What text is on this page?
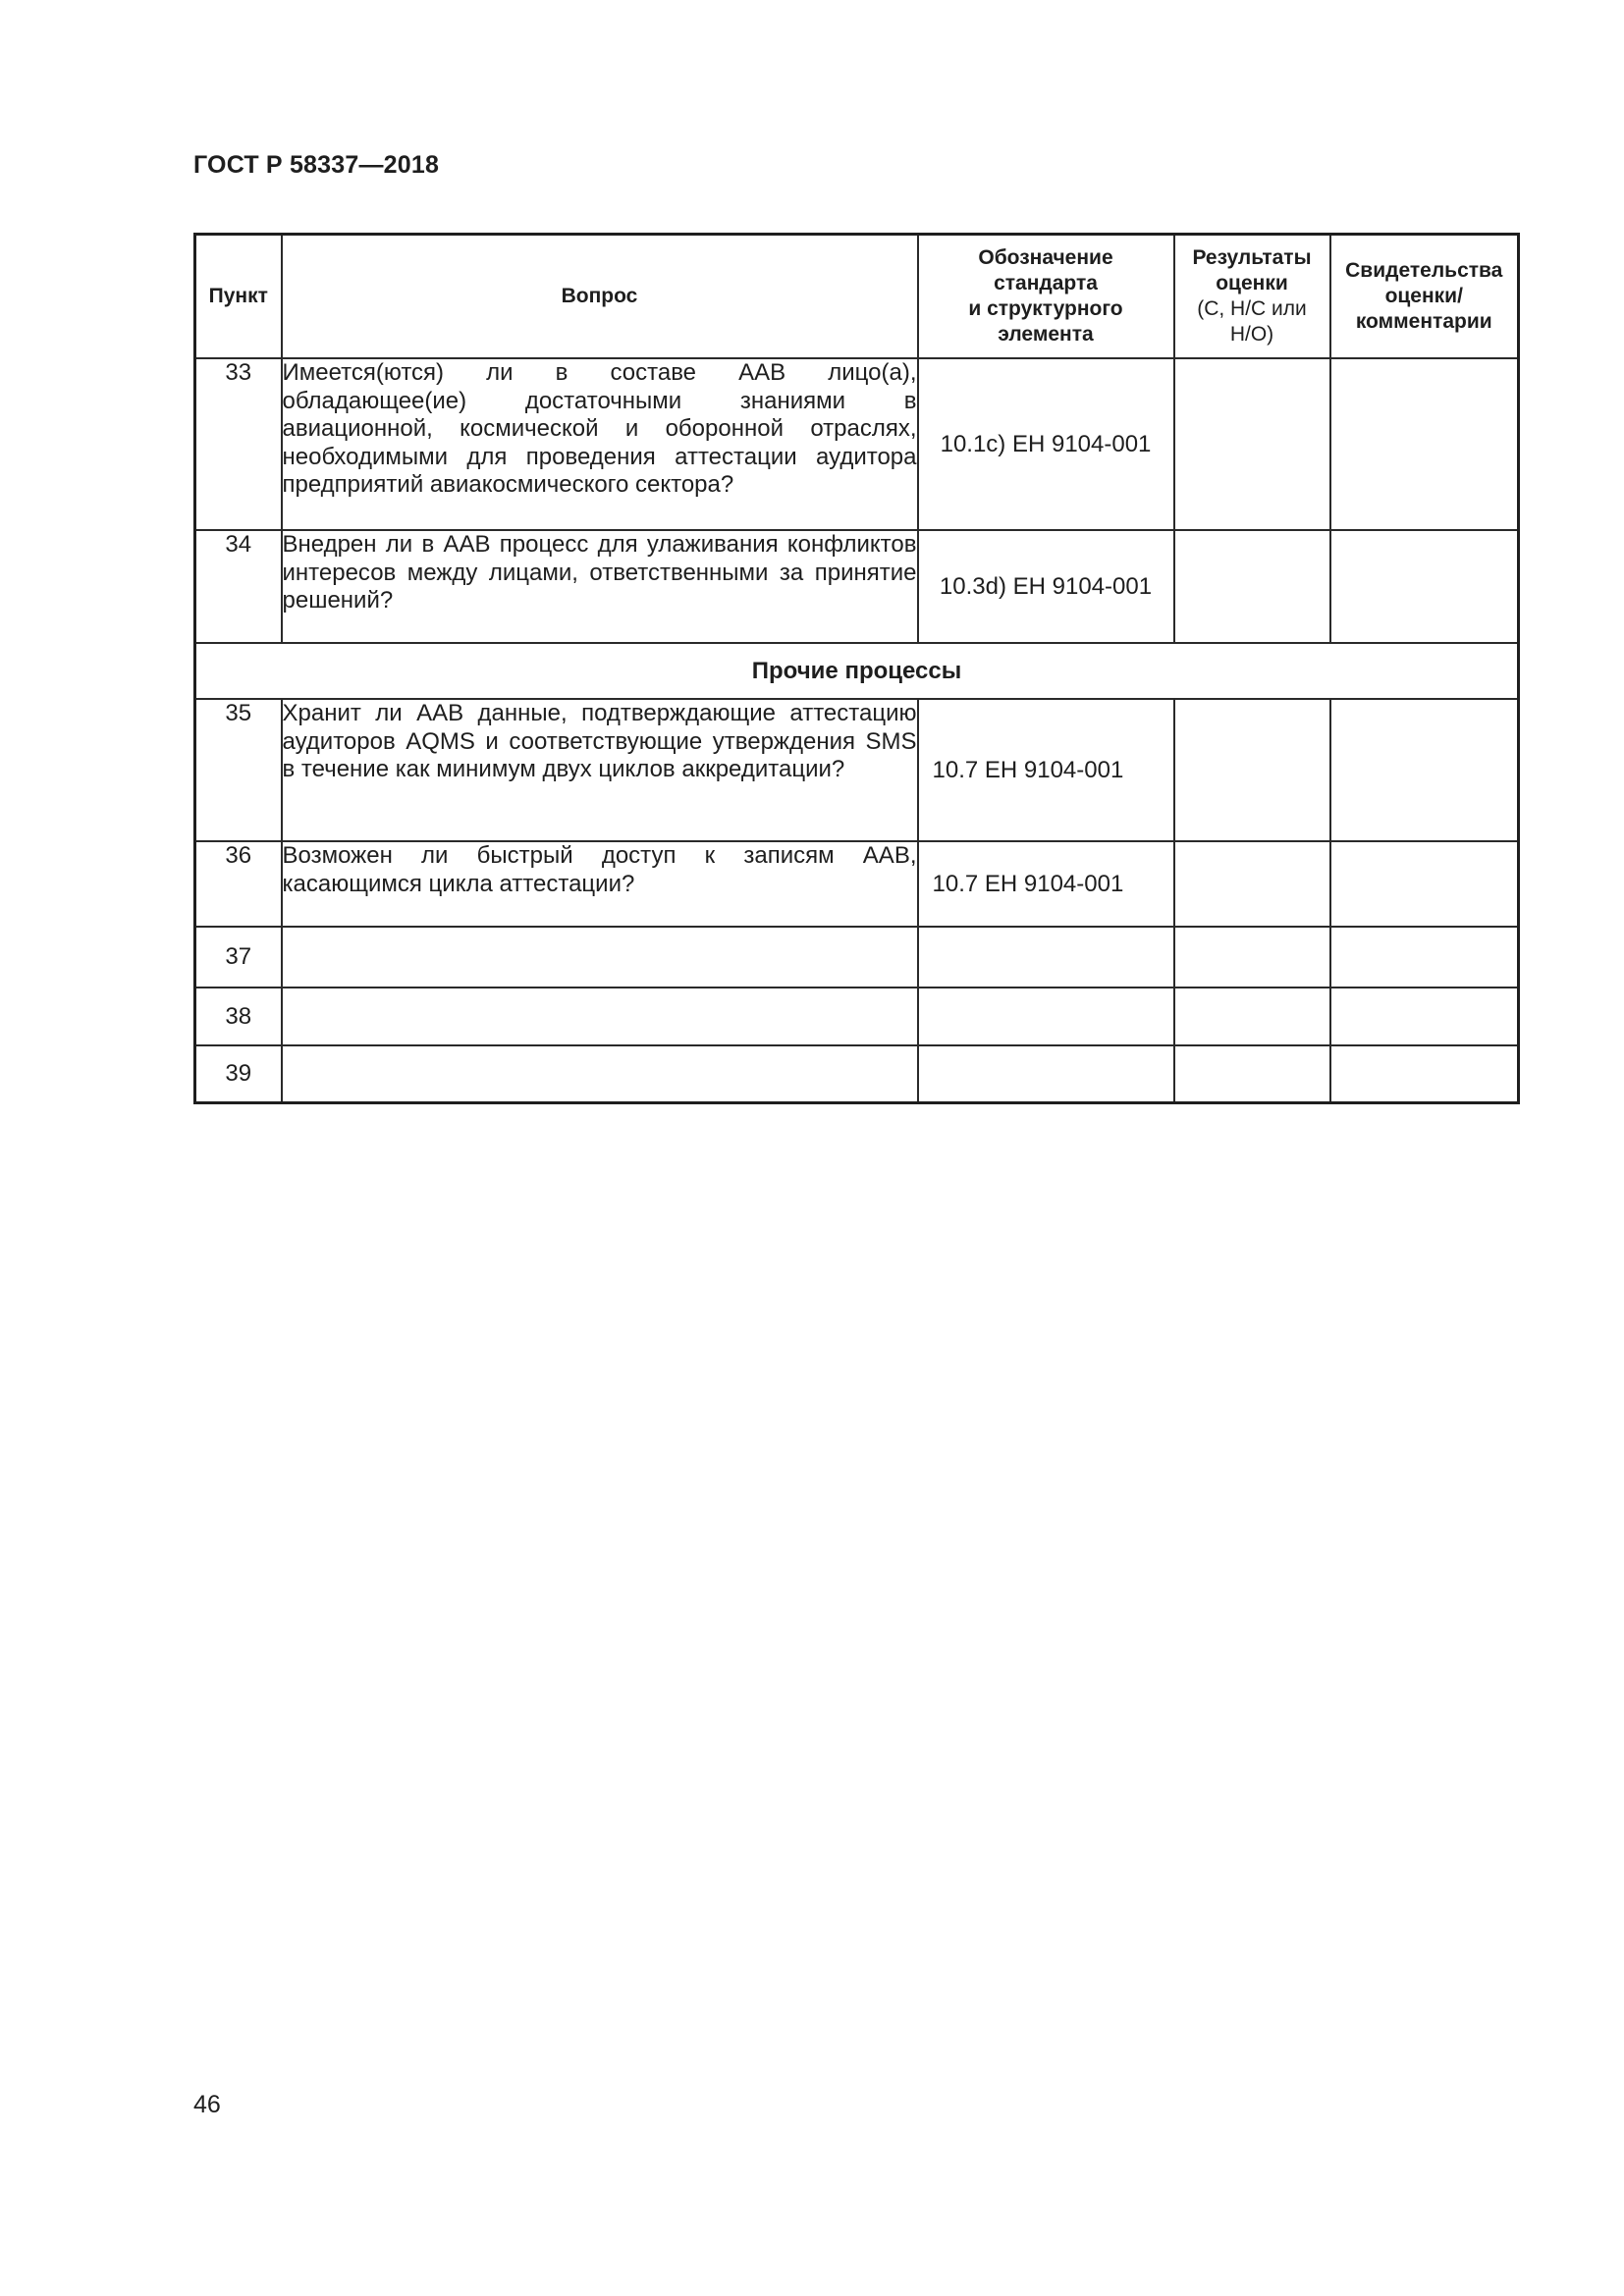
ГОСТ Р 58337—2018
Пункт	Вопрос	Обозначение
стандарта
и структурного
элемента	Результаты
оценки
(С, Н/С или
Н/О)	Свидетельства
оценки/
комментарии
33	Имеется(ются) ли в составе ААВ лицо(а), обладающее(ие) достаточными знаниями в авиационной, космической и оборонной отраслях, необходимыми для проведения аттестации аудитора предприятий авиакосмического сектора?	10.1c) EH 9104-001		
34	Внедрен ли в ААВ процесс для улаживания конфликтов интересов между лицами, ответственными за принятие решений?	10.3d) EH 9104-001		
Прочие процессы				
35	Хранит ли ААВ данные, подтверждающие аттестацию аудиторов AQMS и соответствующие утверждения SMS в течение как минимум двух циклов аккредитации?	10.7 EH 9104-001		
36	Возможен ли быстрый доступ к записям ААВ, касающимся цикла аттестации?	10.7 EH 9104-001		
37				
38				
39				
46
